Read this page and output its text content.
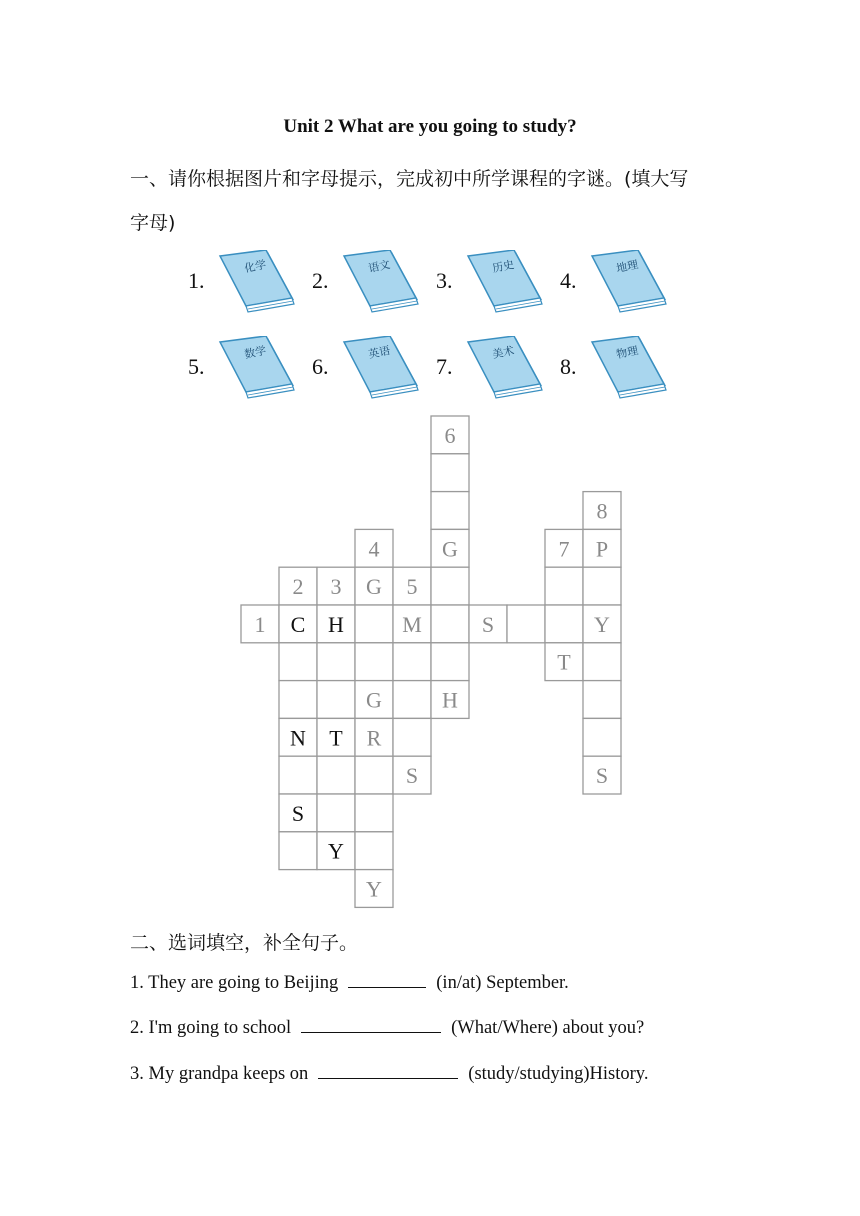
Unit 2 What are you going to study?
一、请你根据图片和字母提示，完成初中所学课程的字谜。(填大写
字母)
1.
化学
2.
语文
3.
历史
4.
地理
5.
数学
6.
英语
7.
美术
8.
物理
6
8
4	G	7 P
2 3 G 5
1 C H	M	S	Y
T
G	H
N T R
S	S
S
Y
Y
二、选词填空，补全句子。
1. They are going to Beijing	(in/at) September.
2. I'm going to school	(What/Where) about you?
3. My grandpa keeps on	(study/studying)History.
